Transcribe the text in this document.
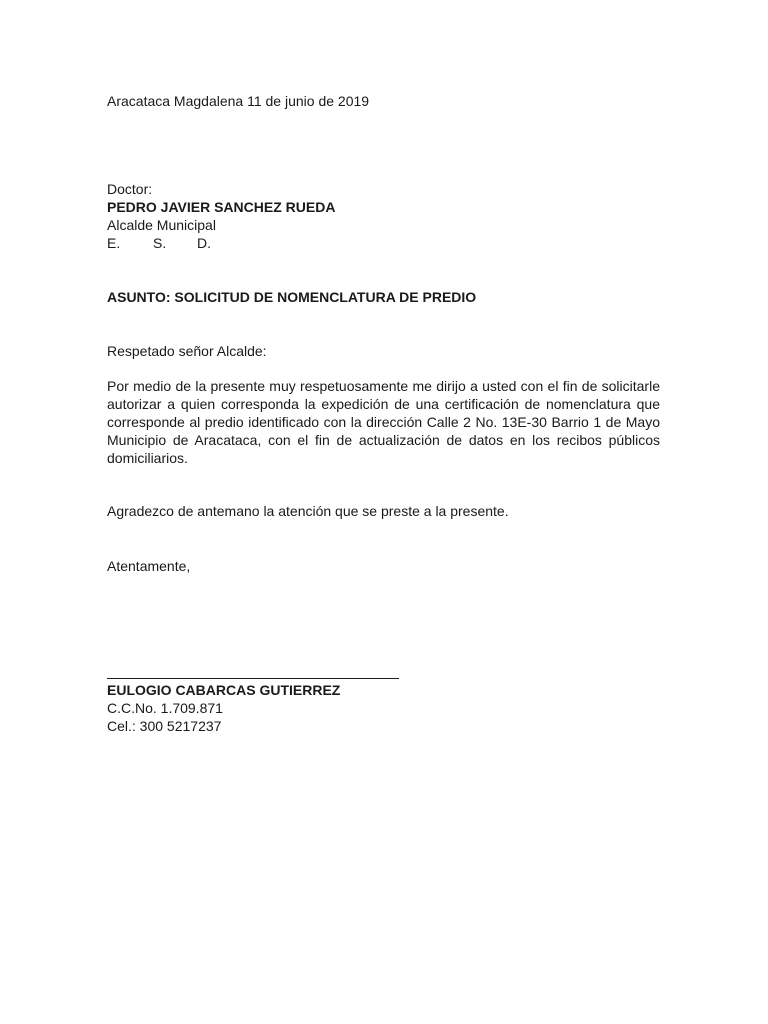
Aracataca Magdalena 11 de junio de 2019
Doctor:
PEDRO JAVIER SANCHEZ RUEDA
Alcalde Municipal
E. S. D.
ASUNTO: SOLICITUD DE NOMENCLATURA DE PREDIO
Respetado señor Alcalde:
Por medio de la presente muy respetuosamente me dirijo a usted con el fin de solicitarle autorizar a quien corresponda la expedición de una certificación de nomenclatura que corresponde al predio identificado con la dirección Calle 2 No. 13E-30 Barrio 1 de Mayo Municipio de Aracataca, con el fin de actualización de datos en los recibos públicos domiciliarios.
Agradezco de antemano la atención que se preste a la presente.
Atentamente,
EULOGIO CABARCAS GUTIERREZ
C.C.No. 1.709.871
Cel.: 300 5217237
